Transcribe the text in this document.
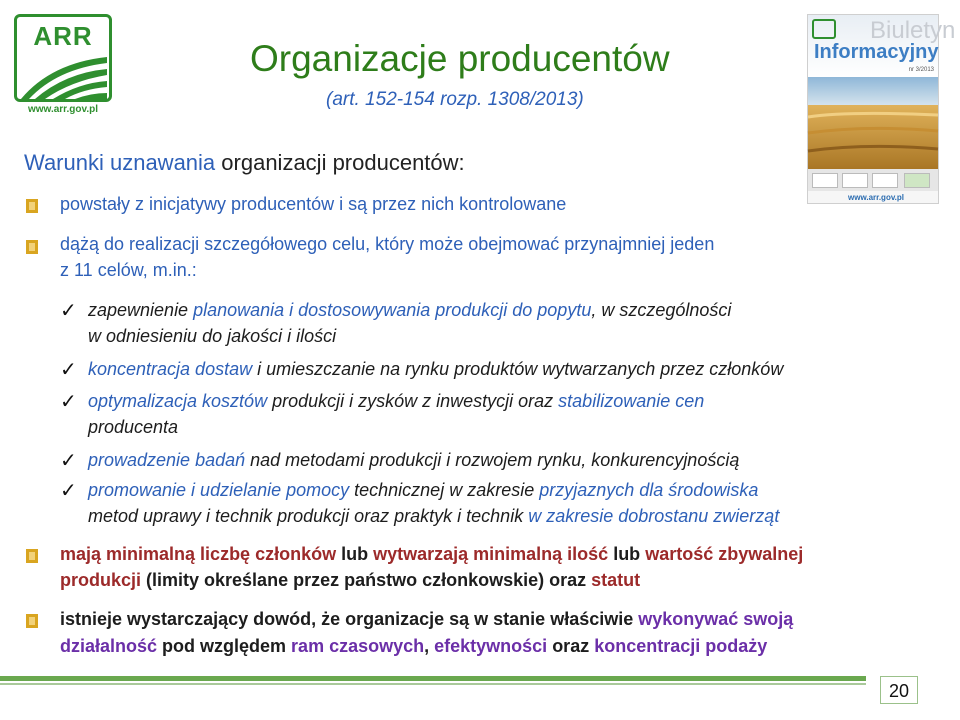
ARR
www.arr.gov.pl
Organizacje producentów
(art. 152-154 rozp. 1308/2013)
Biuletyn
Informacyjny
nr 3/2013
www.arr.gov.pl
Warunki uznawania organizacji producentów:
powstały z inicjatywy producentów i są przez nich kontrolowane
dążą do realizacji szczegółowego celu, który może obejmować przynajmniej jeden
z 11 celów, m.in.:
✓ zapewnienie planowania i dostosowywania produkcji do popytu, w szczególności
w odniesieniu do jakości i ilości
✓ koncentracja dostaw i umieszczanie na rynku produktów wytwarzanych przez członków
✓ optymalizacja kosztów produkcji i zysków z inwestycji oraz stabilizowanie cen
producenta
✓ prowadzenie badań nad metodami produkcji i rozwojem rynku, konkurencyjnością
✓ promowanie i udzielanie pomocy technicznej w zakresie przyjaznych dla środowiska
metod uprawy i technik produkcji oraz praktyk i technik w zakresie dobrostanu zwierząt
mają minimalną liczbę członków lub wytwarzają minimalną ilość lub wartość zbywalnej
produkcji (limity określane przez państwo członkowskie) oraz statut
istnieje wystarczający dowód, że organizacje są w stanie właściwie wykonywać swoją
działalność pod względem ram czasowych, efektywności oraz koncentracji podaży
20
